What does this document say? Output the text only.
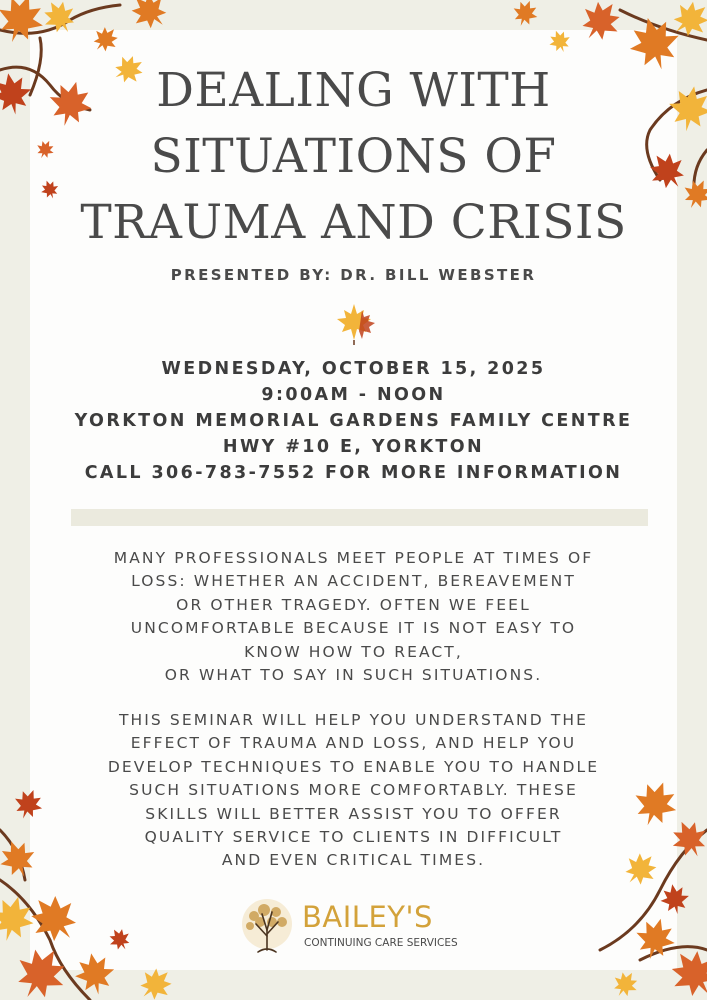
DEALING WITH
SITUATIONS OF
TRAUMA AND CRISIS
PRESENTED BY: DR. BILL WEBSTER
WEDNESDAY, OCTOBER 15, 2025
9:00AM - NOON
YORKTON MEMORIAL GARDENS FAMILY CENTRE
HWY #10 E, YORKTON
CALL 306-783-7552 FOR MORE INFORMATION
MANY PROFESSIONALS MEET PEOPLE AT TIMES OF
LOSS: WHETHER AN ACCIDENT, BEREAVEMENT
OR OTHER TRAGEDY. OFTEN WE FEEL
UNCOMFORTABLE BECAUSE IT IS NOT EASY TO
KNOW HOW TO REACT,
OR WHAT TO SAY IN SUCH SITUATIONS.
THIS SEMINAR WILL HELP YOU UNDERSTAND THE
EFFECT OF TRAUMA AND LOSS, AND HELP YOU
DEVELOP TECHNIQUES TO ENABLE YOU TO HANDLE
SUCH SITUATIONS MORE COMFORTABLY. THESE
SKILLS WILL BETTER ASSIST YOU TO OFFER
QUALITY SERVICE TO CLIENTS IN DIFFICULT
AND EVEN CRITICAL TIMES.
BAILEY'S
CONTINUING CARE SERVICES
